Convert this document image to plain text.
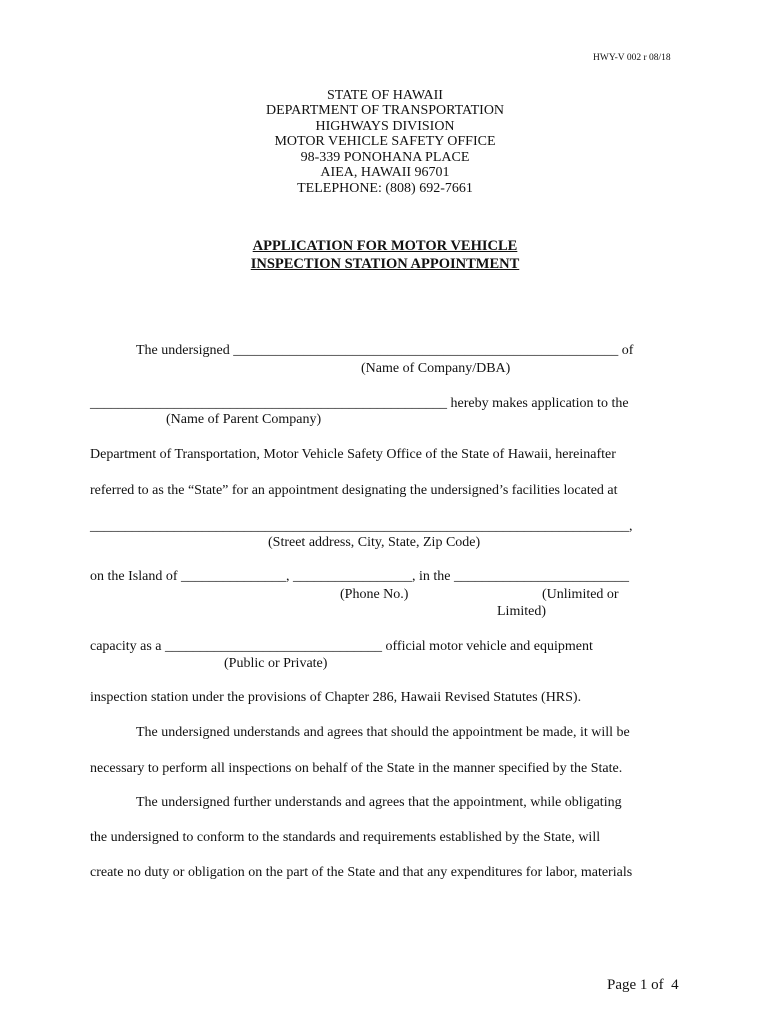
HWY-V 002 r 08/18
STATE OF HAWAII
DEPARTMENT OF TRANSPORTATION
HIGHWAYS DIVISION
MOTOR VEHICLE SAFETY OFFICE
98-339 PONOHANA PLACE
AIEA, HAWAII 96701
TELEPHONE: (808) 692-7661
APPLICATION FOR MOTOR VEHICLE
INSPECTION STATION APPOINTMENT
The undersigned _______________________________________________________ of
(Name of Company/DBA)
___________________________________________________ hereby makes application to the
(Name of Parent Company)
Department of Transportation, Motor Vehicle Safety Office of the State of Hawaii, hereinafter
referred to as the “State” for an appointment designating the undersigned’s facilities located at
_____________________________________________________________________________,
(Street address, City, State, Zip Code)
on the Island of _______________, _________________, in the _________________________
(Phone No.)	(Unlimited or
Limited)
capacity as a _______________________________ official motor vehicle and equipment
(Public or Private)
inspection station under the provisions of Chapter 286, Hawaii Revised Statutes (HRS).
The undersigned understands and agrees that should the appointment be made, it will be
necessary to perform all inspections on behalf of the State in the manner specified by the State.
The undersigned further understands and agrees that the appointment, while obligating
the undersigned to conform to the standards and requirements established by the State, will
create no duty or obligation on the part of the State and that any expenditures for labor, materials
Page 1 of  4
